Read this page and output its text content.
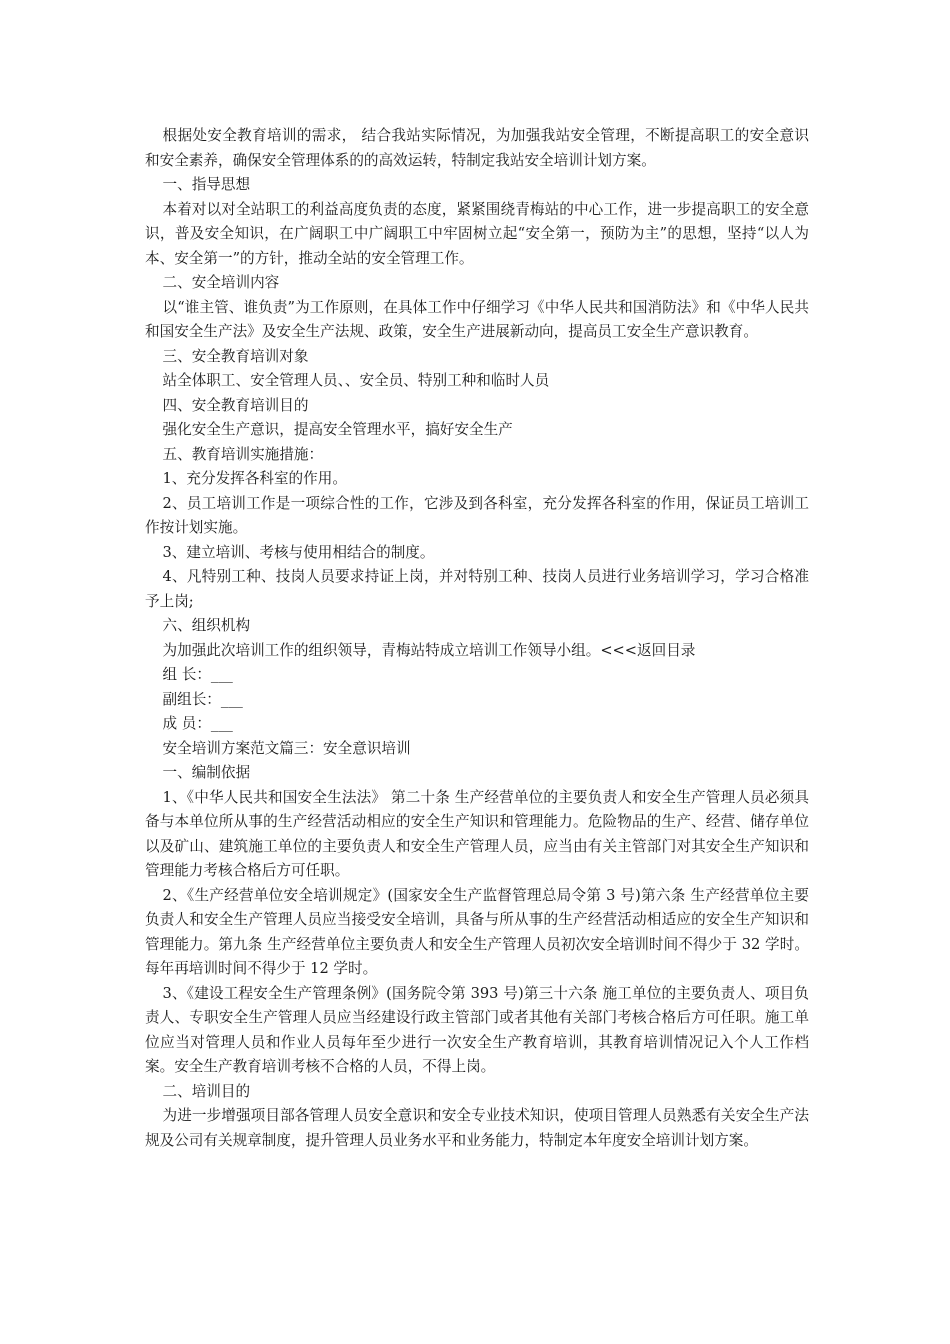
根据处安全教育培训的需求， 结合我站实际情况，为加强我站安全管理，不断提高职工的安全意识和安全素养，确保安全管理体系的的高效运转，特制定我站安全培训计划方案。

一、指导思想

本着对以对全站职工的利益高度负责的态度，紧紧围绕青梅站的中心工作，进一步提高职工的安全意识，普及安全知识，在广阔职工中广阔职工中牢固树立起“安全第一，预防为主”的思想，坚持“以人为本、安全第一”的方针，推动全站的安全管理工作。

二、安全培训内容

以“谁主管、谁负责”为工作原则，在具体工作中仔细学习《中华人民共和国消防法》和《中华人民共和国安全生产法》及安全生产法规、政策，安全生产进展新动向，提高员工安全生产意识教育。

三、安全教育培训对象

站全体职工、安全管理人员、、安全员、特别工种和临时人员

四、安全教育培训目的

强化安全生产意识，提高安全管理水平，搞好安全生产

五、教育培训实施措施：

1、充分发挥各科室的作用。

2、员工培训工作是一项综合性的工作，它涉及到各科室，充分发挥各科室的作用，保证员工培训工作按计划实施。

3、建立培训、考核与使用相结合的制度。

4、凡特别工种、技岗人员要求持证上岗，并对特别工种、技岗人员进行业务培训学习，学习合格准予上岗;

六、组织机构

为加强此次培训工作的组织领导，青梅站特成立培训工作领导小组。<<<返回目录

组 长：___

副组长：___

成 员：___

安全培训方案范文篇三：安全意识培训

一、编制依据

1、《中华人民共和国安全生法法》 第二十条 生产经营单位的主要负责人和安全生产管理人员必须具备与本单位所从事的生产经营活动相应的安全生产知识和管理能力。危险物品的生产、经营、储存单位以及矿山、建筑施工单位的主要负责人和安全生产管理人员，应当由有关主管部门对其安全生产知识和管理能力考核合格后方可任职。

2、《生产经营单位安全培训规定》(国家安全生产监督管理总局令第 3 号)第六条 生产经营单位主要负责人和安全生产管理人员应当接受安全培训，具备与所从事的生产经营活动相适应的安全生产知识和管理能力。第九条 生产经营单位主要负责人和安全生产管理人员初次安全培训时间不得少于 32 学时。每年再培训时间不得少于 12 学时。

3、《建设工程安全生产管理条例》(国务院令第 393 号)第三十六条 施工单位的主要负责人、项目负责人、专职安全生产管理人员应当经建设行政主管部门或者其他有关部门考核合格后方可任职。施工单位应当对管理人员和作业人员每年至少进行一次安全生产教育培训，其教育培训情况记入个人工作档案。安全生产教育培训考核不合格的人员，不得上岗。

二、培训目的

为进一步增强项目部各管理人员安全意识和安全专业技术知识，使项目管理人员熟悉有关安全生产法规及公司有关规章制度，提升管理人员业务水平和业务能力，特制定本年度安全培训计划方案。
